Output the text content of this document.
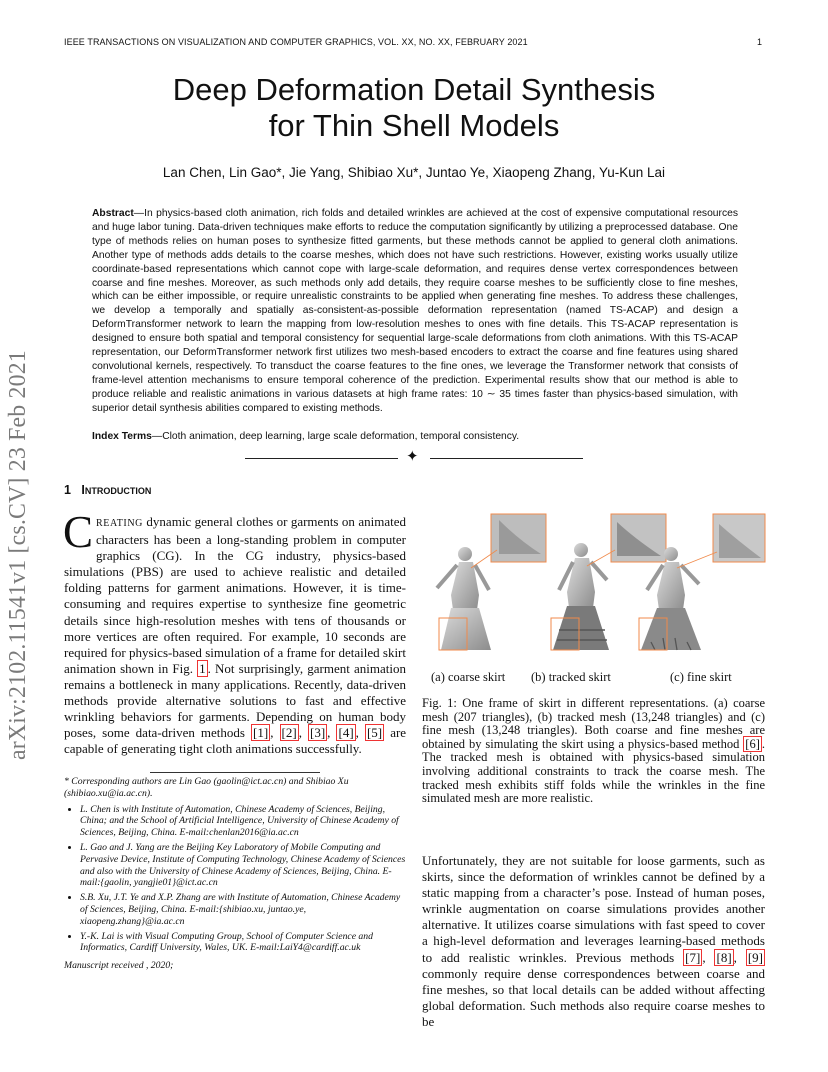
IEEE TRANSACTIONS ON VISUALIZATION AND COMPUTER GRAPHICS, VOL. XX, NO. XX, FEBRUARY 2021	1
Deep Deformation Detail Synthesis
for Thin Shell Models
Lan Chen, Lin Gao*, Jie Yang, Shibiao Xu*, Juntao Ye, Xiaopeng Zhang, Yu-Kun Lai
Abstract—In physics-based cloth animation, rich folds and detailed wrinkles are achieved at the cost of expensive computational resources and huge labor tuning. Data-driven techniques make efforts to reduce the computation significantly by utilizing a preprocessed database. One type of methods relies on human poses to synthesize fitted garments, but these methods cannot be applied to general cloth animations. Another type of methods adds details to the coarse meshes, which does not have such restrictions. However, existing works usually utilize coordinate-based representations which cannot cope with large-scale deformation, and requires dense vertex correspondences between coarse and fine meshes. Moreover, as such methods only add details, they require coarse meshes to be sufficiently close to fine meshes, which can be either impossible, or require unrealistic constraints to be applied when generating fine meshes. To address these challenges, we develop a temporally and spatially as-consistent-as-possible deformation representation (named TS-ACAP) and design a DeformTransformer network to learn the mapping from low-resolution meshes to ones with fine details. This TS-ACAP representation is designed to ensure both spatial and temporal consistency for sequential large-scale deformations from cloth animations. With this TS-ACAP representation, our DeformTransformer network first utilizes two mesh-based encoders to extract the coarse and fine features using shared convolutional kernels, respectively. To transduct the coarse features to the fine ones, we leverage the Transformer network that consists of frame-level attention mechanisms to ensure temporal coherence of the prediction. Experimental results show that our method is able to produce reliable and realistic animations in various datasets at high frame rates: 10 ∼ 35 times faster than physics-based simulation, with superior detail synthesis abilities compared to existing methods.
Index Terms—Cloth animation, deep learning, large scale deformation, temporal consistency.
✦
arXiv:2102.11541v1 [cs.CV] 23 Feb 2021	1 Introduction
CREATING dynamic general clothes or garments on animated characters has been a long-standing problem in computer graphics (CG). In the CG industry, physics-based simulations (PBS) are used to achieve realistic and detailed folding patterns for garment animations. However, it is time-consuming and requires expertise to synthesize fine geometric details since high-resolution meshes with tens of thousands or more vertices are often required. For example, 10 seconds are required for physics-based simulation of a frame for detailed skirt animation shown in Fig. 1 . Not surprisingly, garment animation remains a bottleneck in many applications. Recently, data-driven methods provide alternative solutions to fast and effective wrinkling behaviors for garments. Depending on human body poses, some data-driven methods [1] , [2] , [3] , [4] , [5] are capable of generating tight cloth animations successfully.
* Corresponding authors are Lin Gao (gaolin@ict.ac.cn) and Shibiao Xu (shibiao.xu@ia.ac.cn).
• L. Chen is with Institute of Automation, Chinese Academy of Sciences, Beijing, China; and the School of Artificial Intelligence, University of Chinese Academy of Sciences, Beijing, China. E-mail:chenlan2016@ia.ac.cn
• L. Gao and J. Yang are the Beijing Key Laboratory of Mobile Computing and Pervasive Device, Institute of Computing Technology, Chinese Academy of Sciences and also with the University of Chinese Academy of Sciences, Beijing, China. E-mail:{gaolin, yangjie01}@ict.ac.cn
• S.B. Xu, J.T. Ye and X.P. Zhang are with Institute of Automation, Chinese Academy of Sciences, Beijing, China. E-mail:{shibiao.xu, juntao.ye, xiaopeng.zhang}@ia.ac.cn
• Y.-K. Lai is with Visual Computing Group, School of Computer Science and Informatics, Cardiff University, Wales, UK. E-mail:LaiY4@cardiff.ac.uk
Manuscript received , 2020;
(a) coarse skirt (b) tracked skirt	(c) fine skirt
Fig. 1: One frame of skirt in different representations. (a) coarse mesh (207 triangles), (b) tracked mesh (13,248 triangles) and (c) fine mesh (13,248 triangles). Both coarse and fine meshes are obtained by simulating the skirt using a physics-based method [6] . The tracked mesh is obtained with physics-based simulation involving additional constraints to track the coarse mesh. The tracked mesh exhibits stiff folds while the wrinkles in the fine simulated mesh are more realistic.
Unfortunately, they are not suitable for loose garments, such as skirts, since the deformation of wrinkles cannot be defined by a static mapping from a character’s pose. Instead of human poses, wrinkle augmentation on coarse simulations provides another alternative. It utilizes coarse simulations with fast speed to cover a high-level deformation and leverages learning-based methods to add realistic wrinkles. Previous methods [7] , [8] , [9] commonly require dense correspondences between coarse and fine meshes, so that local details can be added without affecting global deformation. Such methods also require coarse meshes to be
